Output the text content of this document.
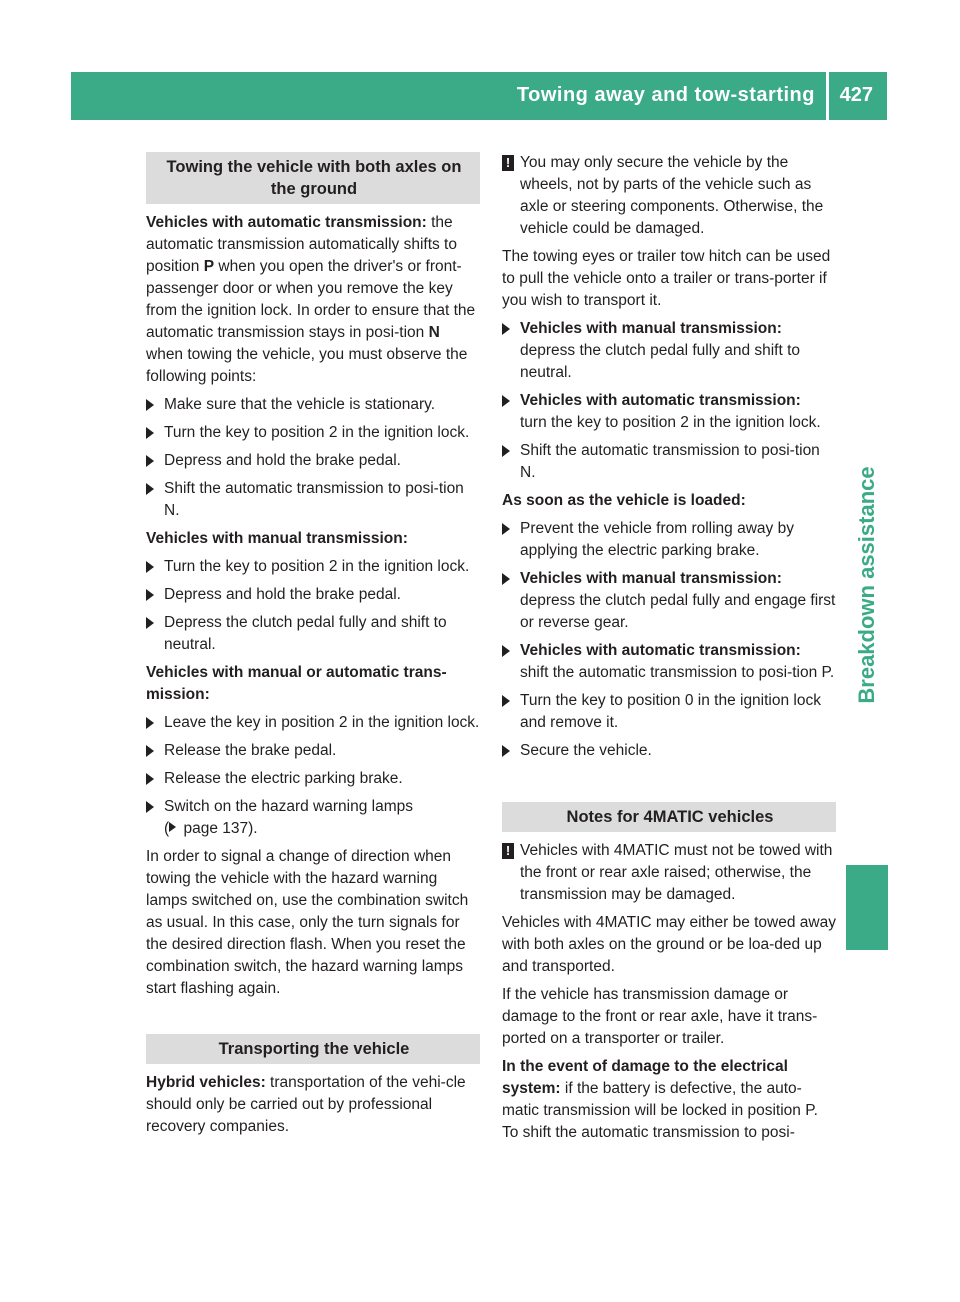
Towing away and tow-starting 427
Breakdown assistance
Towing the vehicle with both axles on the ground

Vehicles with automatic transmission: the automatic transmission automatically shifts to position P when you open the driver's or front-passenger door or when you remove the key from the ignition lock. In order to ensure that the automatic transmission stays in posi-tion N when towing the vehicle, you must observe the following points:

Make sure that the vehicle is stationary.
Turn the key to position 2 in the ignition lock.
Depress and hold the brake pedal.
Shift the automatic transmission to posi-tion N.

Vehicles with manual transmission:

Turn the key to position 2 in the ignition lock.
Depress and hold the brake pedal.
Depress the clutch pedal fully and shift to neutral.

Vehicles with manual or automatic trans-mission:

Leave the key in position 2 in the ignition lock.
Release the brake pedal.
Release the electric parking brake.
Switch on the hazard warning lamps
( page 137).

In order to signal a change of direction when towing the vehicle with the hazard warning lamps switched on, use the combination switch as usual. In this case, only the turn signals for the desired direction flash. When you reset the combination switch, the hazard warning lamps start flashing again.

Transporting the vehicle

Hybrid vehicles: transportation of the vehi-cle should only be carried out by professional recovery companies.

! You may only secure the vehicle by the wheels, not by parts of the vehicle such as axle or steering components. Otherwise, the vehicle could be damaged.

The towing eyes or trailer tow hitch can be used to pull the vehicle onto a trailer or trans-porter if you wish to transport it.

Vehicles with manual transmission:
depress the clutch pedal fully and shift to neutral.
Vehicles with automatic transmission:
turn the key to position 2 in the ignition lock.
Shift the automatic transmission to posi-tion N.

As soon as the vehicle is loaded:

Prevent the vehicle from rolling away by applying the electric parking brake.
Vehicles with manual transmission:
depress the clutch pedal fully and engage first or reverse gear.
Vehicles with automatic transmission:
shift the automatic transmission to posi-tion P.
Turn the key to position 0 in the ignition lock and remove it.
Secure the vehicle.
Notes for 4MATIC vehicles
! Vehicles with 4MATIC must not be towed with the front or rear axle raised; otherwise, the transmission may be damaged.

Vehicles with 4MATIC may either be towed away with both axles on the ground or be loa-ded up and transported.

If the vehicle has transmission damage or damage to the front or rear axle, have it trans-ported on a transporter or trailer.

In the event of damage to the electrical system: if the battery is defective, the auto-matic transmission will be locked in position P. To shift the automatic transmission to posi-
